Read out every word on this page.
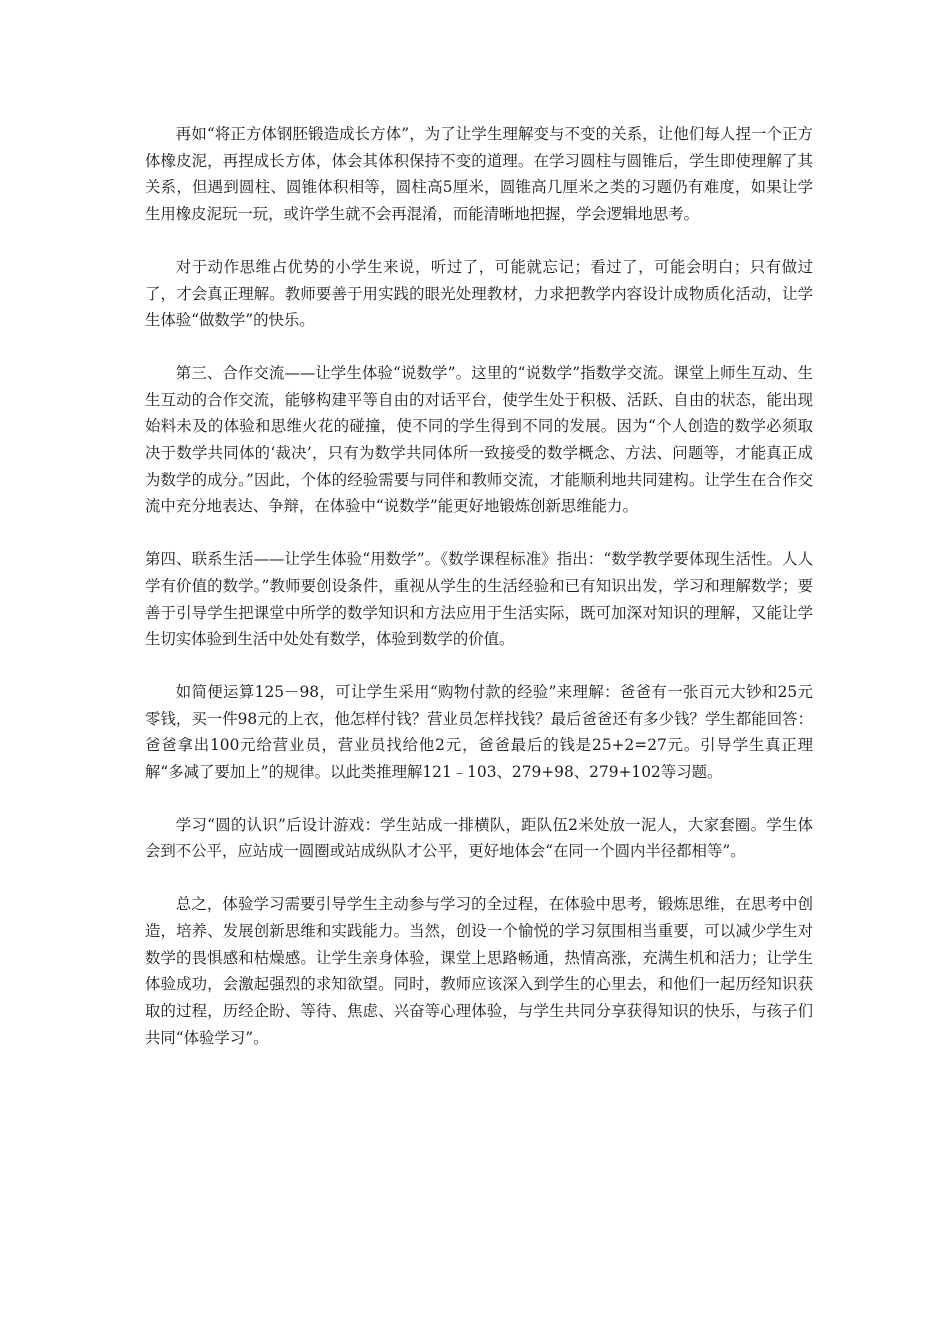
再如“将正方体钢胚锻造成长方体”，为了让学生理解变与不变的关系，让他们每人捏一个正方体橡皮泥，再捏成长方体，体会其体积保持不变的道理。在学习圆柱与圆锥后，学生即使理解了其关系，但遇到圆柱、圆锥体积相等，圆柱高5厘米，圆锥高几厘米之类的习题仍有难度，如果让学生用橡皮泥玩一玩，或许学生就不会再混淆，而能清晰地把握，学会逻辑地思考。

对于动作思维占优势的小学生来说，听过了，可能就忘记；看过了，可能会明白；只有做过了，才会真正理解。教师要善于用实践的眼光处理教材，力求把教学内容设计成物质化活动，让学生体验“做数学”的快乐。

第三、合作交流——让学生体验“说数学”。这里的“说数学”指数学交流。课堂上师生互动、生生互动的合作交流，能够构建平等自由的对话平台，使学生处于积极、活跃、自由的状态，能出现始料未及的体验和思维火花的碰撞，使不同的学生得到不同的发展。因为“个人创造的数学必须取决于数学共同体的‘裁决’，只有为数学共同体所一致接受的数学概念、方法、问题等，才能真正成为数学的成分。”因此，个体的经验需要与同伴和教师交流，才能顺利地共同建构。让学生在合作交流中充分地表达、争辩，在体验中“说数学”能更好地锻炼创新思维能力。

第四、联系生活——让学生体验“用数学”。《数学课程标准》指出：“数学教学要体现生活性。人人学有价值的数学。”教师要创设条件，重视从学生的生活经验和已有知识出发，学习和理解数学；要善于引导学生把课堂中所学的数学知识和方法应用于生活实际，既可加深对知识的理解，又能让学生切实体验到生活中处处有数学，体验到数学的价值。

如简便运算125－98，可让学生采用“购物付款的经验”来理解：爸爸有一张百元大钞和25元零钱，买一件98元的上衣，他怎样付钱？营业员怎样找钱？最后爸爸还有多少钱？学生都能回答：爸爸拿出100元给营业员，营业员找给他2元，爸爸最后的钱是25+2=27元。引导学生真正理解“多减了要加上”的规律。以此类推理解121﹣103、279+98、279+102等习题。

学习“圆的认识”后设计游戏：学生站成一排横队，距队伍2米处放一泥人，大家套圈。学生体会到不公平，应站成一圆圈或站成纵队才公平，更好地体会“在同一个圆内半径都相等”。

总之，体验学习需要引导学生主动参与学习的全过程，在体验中思考，锻炼思维，在思考中创造，培养、发展创新思维和实践能力。当然，创设一个愉悦的学习氛围相当重要，可以减少学生对数学的畏惧感和枯燥感。让学生亲身体验，课堂上思路畅通，热情高涨，充满生机和活力；让学生体验成功，会激起强烈的求知欲望。同时，教师应该深入到学生的心里去，和他们一起历经知识获取的过程，历经企盼、等待、焦虑、兴奋等心理体验，与学生共同分享获得知识的快乐，与孩子们共同“体验学习”。
